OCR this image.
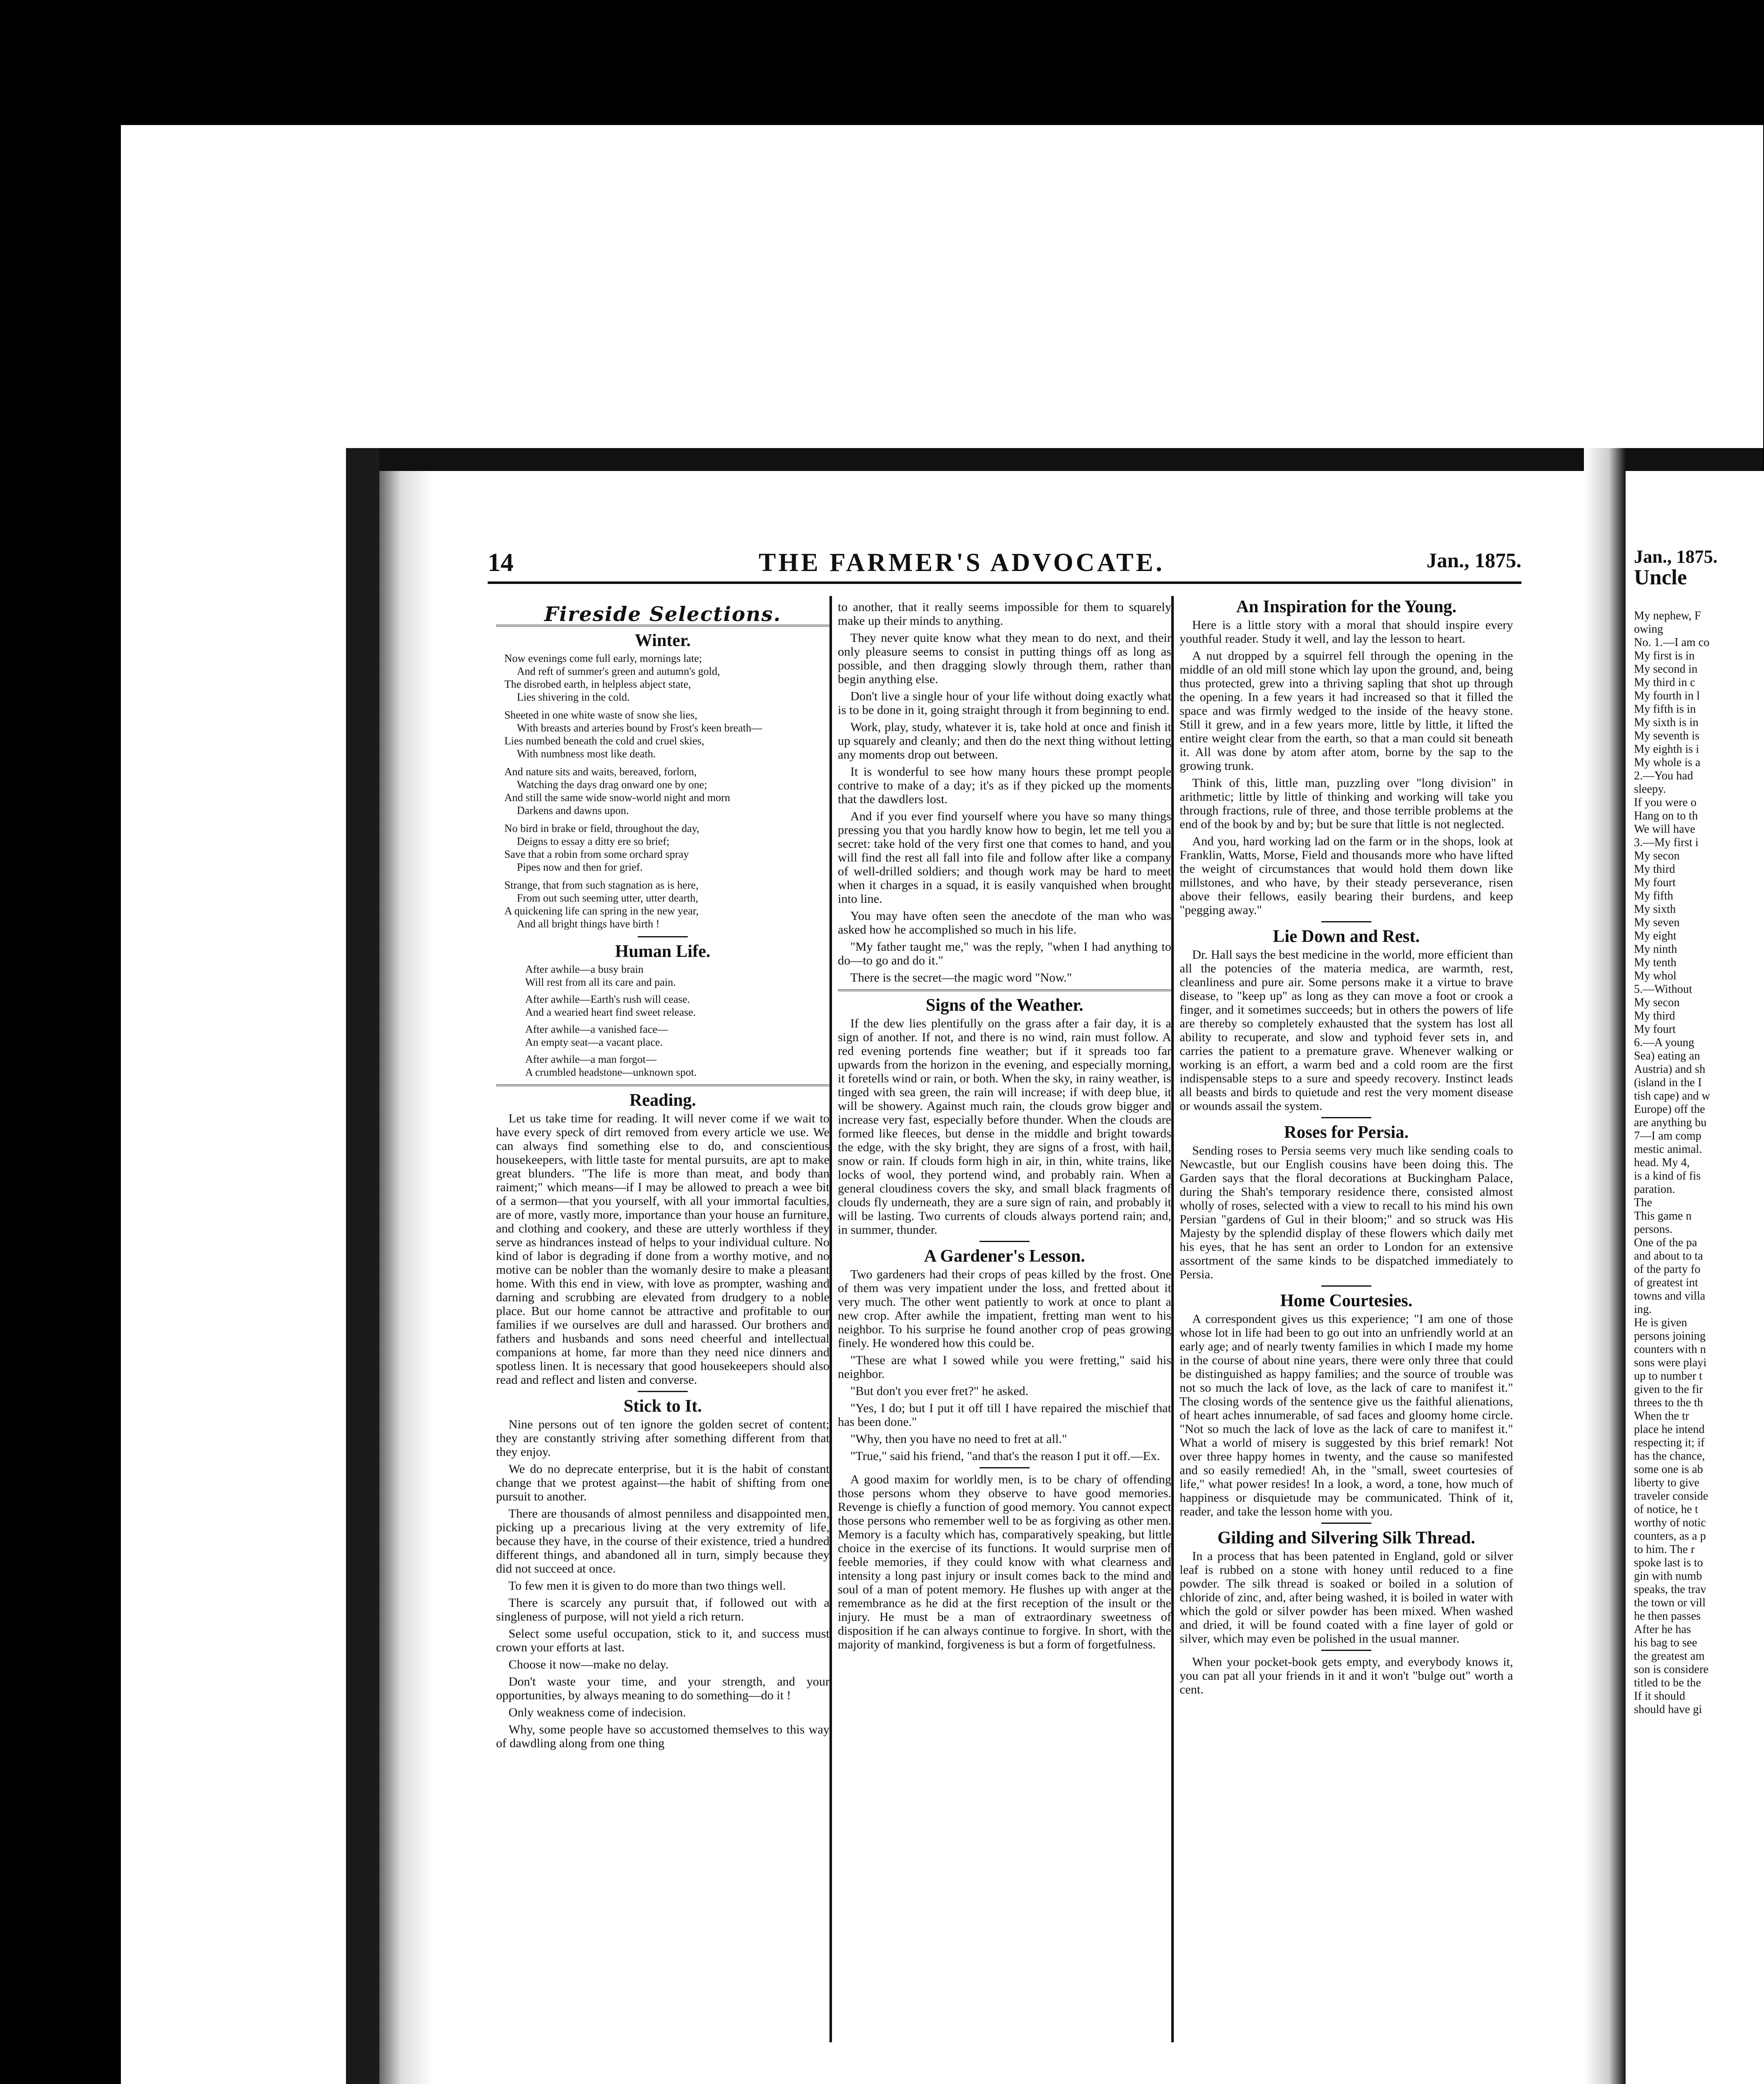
14	THE FARMER'S ADVOCATE.	Jan., 1875.
Fireside Selections.
Winter.
Now evenings come full early, mornings late;
And reft of summer's green and autumn's gold,
The disrobed earth, in helpless abject state,
Lies shivering in the cold.
Sheeted in one white waste of snow she lies,
With breasts and arteries bound by Frost's keen breath—
Lies numbed beneath the cold and cruel skies,
With numbness most like death.
And nature sits and waits, bereaved, forlorn,
Watching the days drag onward one by one;
And still the same wide snow-world night and morn
Darkens and dawns upon.
No bird in brake or field, throughout the day,
Deigns to essay a ditty ere so brief;
Save that a robin from some orchard spray
Pipes now and then for grief.
Strange, that from such stagnation as is here,
From out such seeming utter, utter dearth,
A quickening life can spring in the new year,
And all bright things have birth !
Human Life.
After awhile—a busy brain
Will rest from all its care and pain.
After awhile—Earth's rush will cease.
And a wearied heart find sweet release.
After awhile—a vanished face—
An empty seat—a vacant place.
After awhile—a man forgot—
A crumbled headstone—unknown spot.
Reading.

Let us take time for reading. It will never come if we wait to have every speck of dirt removed from every article we use. We can always find something else to do, and conscientious housekeepers, with little taste for mental pursuits, are apt to make great blunders. "The life is more than meat, and body than raiment;" which means—if I may be allowed to preach a wee bit of a sermon—that you yourself, with all your immortal faculties, are of more, vastly more, importance than your house an furniture, and clothing and cookery, and these are utterly worthless if they serve as hindrances instead of helps to your individual culture. No kind of labor is degrading if done from a worthy motive, and no motive can be nobler than the womanly desire to make a pleasant home. With this end in view, with love as prompter, washing and darning and scrubbing are elevated from drudgery to a noble place. But our home cannot be attractive and profitable to our families if we ourselves are dull and harassed. Our brothers and fathers and husbands and sons need cheerful and intellectual companions at home, far more than they need nice dinners and spotless linen. It is necessary that good housekeepers should also read and reflect and listen and converse.

Stick to It.

Nine persons out of ten ignore the golden secret of content; they are constantly striving after something different from that they enjoy.

We do no deprecate enterprise, but it is the habit of constant change that we protest against—the habit of shifting from one pursuit to another.

There are thousands of almost penniless and disappointed men, picking up a precarious living at the very extremity of life, because they have, in the course of their existence, tried a hundred different things, and abandoned all in turn, simply because they did not succeed at once.

To few men it is given to do more than two things well.

There is scarcely any pursuit that, if followed out with a singleness of purpose, will not yield a rich return.

Select some useful occupation, stick to it, and success must crown your efforts at last.

Choose it now—make no delay.

Don't waste your time, and your strength, and your opportunities, by always meaning to do something—do it !

Only weakness come of indecision.

Why, some people have so accustomed themselves to this way of dawdling along from one thing

to another, that it really seems impossible for them to squarely make up their minds to anything.

They never quite know what they mean to do next, and their only pleasure seems to consist in putting things off as long as possible, and then dragging slowly through them, rather than begin anything else.

Don't live a single hour of your life without doing exactly what is to be done in it, going straight through it from beginning to end.

Work, play, study, whatever it is, take hold at once and finish it up squarely and cleanly; and then do the next thing without letting any moments drop out between.

It is wonderful to see how many hours these prompt people contrive to make of a day; it's as if they picked up the moments that the dawdlers lost.

And if you ever find yourself where you have so many things pressing you that you hardly know how to begin, let me tell you a secret: take hold of the very first one that comes to hand, and you will find the rest all fall into file and follow after like a company of well-drilled soldiers; and though work may be hard to meet when it charges in a squad, it is easily vanquished when brought into line.

You may have often seen the anecdote of the man who was asked how he accomplished so much in his life.

"My father taught me," was the reply, "when I had anything to do—to go and do it."

There is the secret—the magic word "Now."

Signs of the Weather.

If the dew lies plentifully on the grass after a fair day, it is a sign of another. If not, and there is no wind, rain must follow. A red evening portends fine weather; but if it spreads too far upwards from the horizon in the evening, and especially morning, it foretells wind or rain, or both. When the sky, in rainy weather, is tinged with sea green, the rain will increase; if with deep blue, it will be showery. Against much rain, the clouds grow bigger and increase very fast, especially before thunder. When the clouds are formed like fleeces, but dense in the middle and bright towards the edge, with the sky bright, they are signs of a frost, with hail, snow or rain. If clouds form high in air, in thin, white trains, like locks of wool, they portend wind, and probably rain. When a general cloudiness covers the sky, and small black fragments of clouds fly underneath, they are a sure sign of rain, and probably it will be lasting. Two currents of clouds always portend rain; and, in summer, thunder.

A Gardener's Lesson.

Two gardeners had their crops of peas killed by the frost. One of them was very impatient under the loss, and fretted about it very much. The other went patiently to work at once to plant a new crop. After awhile the impatient, fretting man went to his neighbor. To his surprise he found another crop of peas growing finely. He wondered how this could be.

"These are what I sowed while you were fretting," said his neighbor.

"But don't you ever fret?" he asked.

"Yes, I do; but I put it off till I have repaired the mischief that has been done."

"Why, then you have no need to fret at all."

"True," said his friend, "and that's the reason I put it off.—Ex.

A good maxim for worldly men, is to be chary of offending those persons whom they observe to have good memories. Revenge is chiefly a function of good memory. You cannot expect those persons who remember well to be as forgiving as other men. Memory is a faculty which has, comparatively speaking, but little choice in the exercise of its functions. It would surprise men of feeble memories, if they could know with what clearness and intensity a long past injury or insult comes back to the mind and soul of a man of potent memory. He flushes up with anger at the remembrance as he did at the first reception of the insult or the injury. He must be a man of extraordinary sweetness of disposition if he can always continue to forgive. In short, with the majority of mankind, forgiveness is but a form of forgetfulness.

An Inspiration for the Young.

Here is a little story with a moral that should inspire every youthful reader. Study it well, and lay the lesson to heart.

A nut dropped by a squirrel fell through the opening in the middle of an old mill stone which lay upon the ground, and, being thus protected, grew into a thriving sapling that shot up through the opening. In a few years it had increased so that it filled the space and was firmly wedged to the inside of the heavy stone. Still it grew, and in a few years more, little by little, it lifted the entire weight clear from the earth, so that a man could sit beneath it. All was done by atom after atom, borne by the sap to the growing trunk.

Think of this, little man, puzzling over "long division" in arithmetic; little by little of thinking and working will take you through fractions, rule of three, and those terrible problems at the end of the book by and by; but be sure that little is not neglected.

And you, hard working lad on the farm or in the shops, look at Franklin, Watts, Morse, Field and thousands more who have lifted the weight of circumstances that would hold them down like millstones, and who have, by their steady perseverance, risen above their fellows, easily bearing their burdens, and keep "pegging away."

Lie Down and Rest.

Dr. Hall says the best medicine in the world, more efficient than all the potencies of the materia medica, are warmth, rest, cleanliness and pure air. Some persons make it a virtue to brave disease, to "keep up" as long as they can move a foot or crook a finger, and it sometimes succeeds; but in others the powers of life are thereby so completely exhausted that the system has lost all ability to recuperate, and slow and typhoid fever sets in, and carries the patient to a premature grave. Whenever walking or working is an effort, a warm bed and a cold room are the first indispensable steps to a sure and speedy recovery. Instinct leads all beasts and birds to quietude and rest the very moment disease or wounds assail the system.

Roses for Persia.

Sending roses to Persia seems very much like sending coals to Newcastle, but our English cousins have been doing this. The Garden says that the floral decorations at Buckingham Palace, during the Shah's temporary residence there, consisted almost wholly of roses, selected with a view to recall to his mind his own Persian "gardens of Gul in their bloom;" and so struck was His Majesty by the splendid display of these flowers which daily met his eyes, that he has sent an order to London for an extensive assortment of the same kinds to be dispatched immediately to Persia.

Home Courtesies.

A correspondent gives us this experience; "I am one of those whose lot in life had been to go out into an unfriendly world at an early age; and of nearly twenty families in which I made my home in the course of about nine years, there were only three that could be distinguished as happy families; and the source of trouble was not so much the lack of love, as the lack of care to manifest it." The closing words of the sentence give us the faithful alienations, of heart aches innumerable, of sad faces and gloomy home circle. "Not so much the lack of love as the lack of care to manifest it." What a world of misery is suggested by this brief remark! Not over three happy homes in twenty, and the cause so manifested and so easily remedied! Ah, in the "small, sweet courtesies of life," what power resides! In a look, a word, a tone, how much of happiness or disquietude may be communicated. Think of it, reader, and take the lesson home with you.

Gilding and Silvering Silk Thread.

In a process that has been patented in England, gold or silver leaf is rubbed on a stone with honey until reduced to a fine powder. The silk thread is soaked or boiled in a solution of chloride of zinc, and, after being washed, it is boiled in water with which the gold or silver powder has been mixed. When washed and dried, it will be found coated with a fine layer of gold or silver, which may even be polished in the usual manner.

When your pocket-book gets empty, and everybody knows it, you can pat all your friends in it and it won't "bulge out" worth a cent.

Jan., 1875.
Uncle
My nephew, F
owing
No. 1.—I am co
My first is in
My second in
My third in c
My fourth in l
My fifth is in
My sixth is in
My seventh is
My eighth is i
My whole is a
2.—You had
sleepy.
If you were o
Hang on to th
We will have
3.—My first i
My secon
My third
My fourt
My fifth
My sixth
My seven
My eight
My ninth
My tenth
My whol
5.—Without
My secon
My third
My fourt
6.—A young
Sea) eating an
Austria) and sh
(island in the I
tish cape) and w
Europe) off the
are anything bu
7—I am comp
mestic animal.
head. My 4,
is a kind of fis
paration.
The
This game n
persons.
One of the pa
and about to ta
of the party fo
of greatest int
towns and villa
ing.
He is given
persons joining
counters with n
sons were playi
up to number t
given to the fir
threes to the th
When the tr
place he intend
respecting it; if
has the chance,
some one is ab
liberty to give
traveler conside
of notice, he t
worthy of notic
counters, as a p
to him. The r
spoke last is to
gin with numb
speaks, the trav
the town or vill
he then passes
After he has
his bag to see
the greatest am
son is considere
titled to be the
If it should
should have gi
